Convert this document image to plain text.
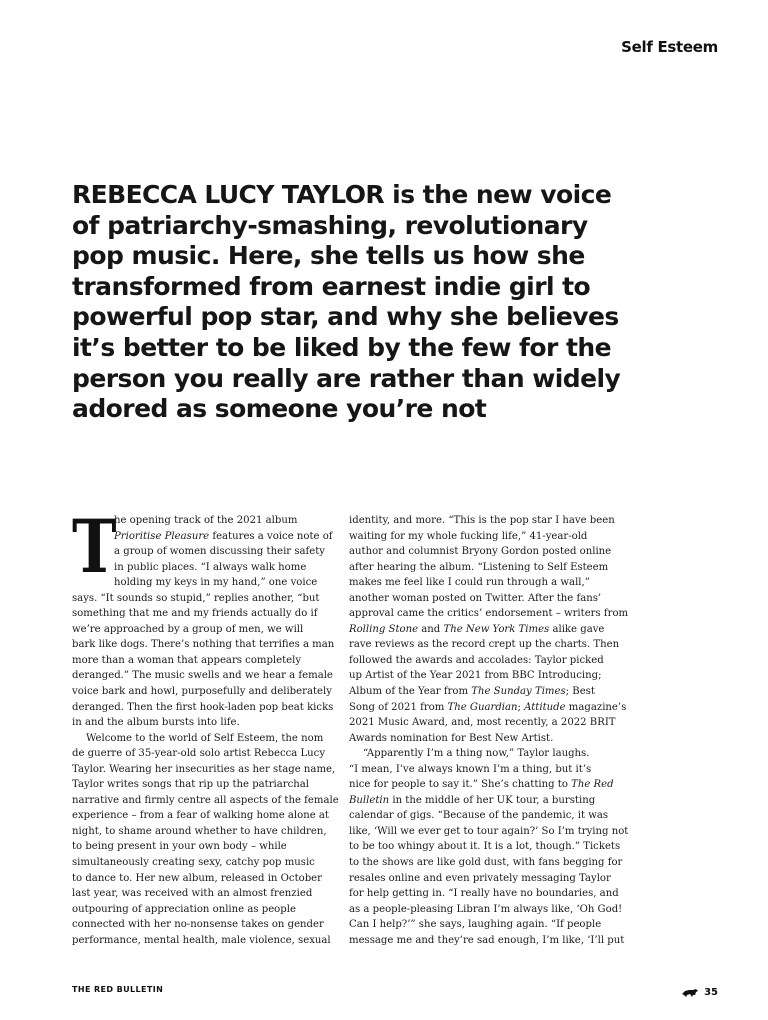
Self Esteem
REBECCA LUCY TAYLOR is the new voice of patriarchy-smashing, revolutionary pop music. Here, she tells us how she transformed from earnest indie girl to powerful pop star, and why she believes it’s better to be liked by the few for the person you really are rather than widely adored as someone you’re not
T

he opening track of the 2021 album

Prioritise Pleasure features a voice note of

a group of women discussing their safety

in public places. “I always walk home

holding my keys in my hand,” one voice

says. “It sounds so stupid,” replies another, “but

something that me and my friends actually do if

we’re approached by a group of men, we will

bark like dogs. There’s nothing that terrifies a man

more than a woman that appears completely

deranged.” The music swells and we hear a female

voice bark and howl, purposefully and deliberately

deranged. Then the first hook-laden pop beat kicks

in and the album bursts into life.

Welcome to the world of Self Esteem, the nom

de guerre of 35-year-old solo artist Rebecca Lucy

Taylor. Wearing her insecurities as her stage name,

Taylor writes songs that rip up the patriarchal

narrative and firmly centre all aspects of the female

experience – from a fear of walking home alone at

night, to shame around whether to have children,

to being present in your own body – while

simultaneously creating sexy, catchy pop music

to dance to. Her new album, released in October

last year, was received with an almost frenzied

outpouring of appreciation online as people

connected with her no-nonsense takes on gender

performance, mental health, male violence, sexual

identity, and more. “This is the pop star I have been

waiting for my whole fucking life,” 41-year-old

author and columnist Bryony Gordon posted online

after hearing the album. “Listening to Self Esteem

makes me feel like I could run through a wall,”

another woman posted on Twitter. After the fans’

approval came the critics’ endorsement – writers from

Rolling Stone and The New York Times alike gave

rave reviews as the record crept up the charts. Then

followed the awards and accolades: Taylor picked

up Artist of the Year 2021 from BBC Introducing;

Album of the Year from The Sunday Times; Best

Song of 2021 from The Guardian; Attitude magazine’s

2021 Music Award, and, most recently, a 2022 BRIT

Awards nomination for Best New Artist.

“Apparently I’m a thing now,” Taylor laughs.

“I mean, I’ve always known I’m a thing, but it’s

nice for people to say it.” She’s chatting to The Red

Bulletin in the middle of her UK tour, a bursting

calendar of gigs. “Because of the pandemic, it was

like, ‘Will we ever get to tour again?’ So I’m trying not

to be too whingy about it. It is a lot, though.” Tickets

to the shows are like gold dust, with fans begging for

resales online and even privately messaging Taylor

for help getting in. “I really have no boundaries, and

as a people-pleasing Libran I’m always like, ‘Oh God!

Can I help?’” she says, laughing again. “If people

message me and they’re sad enough, I’m like, ‘I’ll put

THE RED BULLETIN	35
